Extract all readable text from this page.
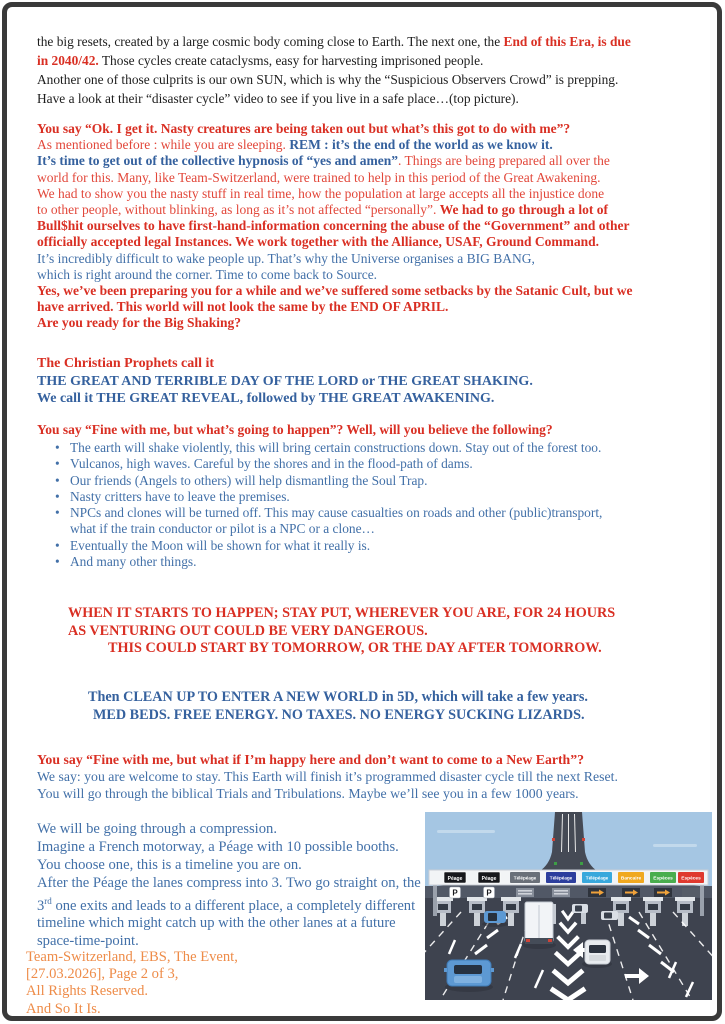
the big resets, created by a large cosmic body coming close to Earth. The next one, the End of this Era, is due
in 2040/42. Those cycles create cataclysms, easy for harvesting imprisoned people.
Another one of those culprits is our own SUN, which is why the “Suspicious Observers Crowd” is prepping.
Have a look at their “disaster cycle” video to see if you live in a safe place…(top picture).
You say “Ok. I get it. Nasty creatures are being taken out but what’s this got to do with me”?
As mentioned before : while you are sleeping. REM : it’s the end of the world as we know it.
It’s time to get out of the collective hypnosis of “yes and amen”. Things are being prepared all over the
world for this. Many, like Team-Switzerland, were trained to help in this period of the Great Awakening.
We had to show you the nasty stuff in real time, how the population at large accepts all the injustice done
to other people, without blinking, as long as it’s not affected “personally”. We had to go through a lot of
Bull$hit ourselves to have first-hand-information concerning the abuse of the “Government” and other
officially accepted legal Instances. We work together with the Alliance, USAF, Ground Command.
It’s incredibly difficult to wake people up. That’s why the Universe organises a BIG BANG,
which is right around the corner. Time to come back to Source.
Yes, we’ve been preparing you for a while and we’ve suffered some setbacks by the Satanic Cult, but we
have arrived. This world will not look the same by the END OF APRIL.
Are you ready for the Big Shaking?
The Christian Prophets call it
THE GREAT AND TERRIBLE DAY OF THE LORD or THE GREAT SHAKING.
We call it THE GREAT REVEAL, followed by THE GREAT AWAKENING.
You say “Fine with me, but what’s going to happen”? Well, will you believe the following?
• The earth will shake violently, this will bring certain constructions down. Stay out of the forest too.
• Vulcanos, high waves. Careful by the shores and in the flood-path of dams.
• Our friends (Angels to others) will help dismantling the Soul Trap.
• Nasty critters have to leave the premises.
• NPCs and clones will be turned off. This may cause casualties on roads and other (public)transport,
what if the train conductor or pilot is a NPC or a clone…
• Eventually the Moon will be shown for what it really is.
• And many other things.
WHEN IT STARTS TO HAPPEN; STAY PUT, WHEREVER YOU ARE, FOR 24 HOURS
AS VENTURING OUT COULD BE VERY DANGEROUS.
THIS COULD START BY TOMORROW, OR THE DAY AFTER TOMORROW.
Then CLEAN UP TO ENTER A NEW WORLD in 5D, which will take a few years.
MED BEDS. FREE ENERGY. NO TAXES. NO ENERGY SUCKING LIZARDS.
You say “Fine with me, but what if I’m happy here and don’t want to come to a New Earth”?
We say: you are welcome to stay. This Earth will finish it’s programmed disaster cycle till the next Reset.
You will go through the biblical Trials and Tribulations. Maybe we’ll see you in a few 1000 years.
We will be going through a compression.
Imagine a French motorway, a Péage with 10 possible booths.
You choose one, this is a timeline you are on.
After the Péage the lanes compress into 3. Two go straight on, the
3rd one exits and leads to a different place, a completely different
timeline which might catch up with the other lanes at a future
space-time-point.
Team-Switzerland, EBS, The Event,
[27.03.2026], Page 2 of 3,
All Rights Reserved.
And So It Is.
Péage	Péage	Télépéage	Télépéage	Télépéage	Bancaire	Espèces Espèces
P	P
